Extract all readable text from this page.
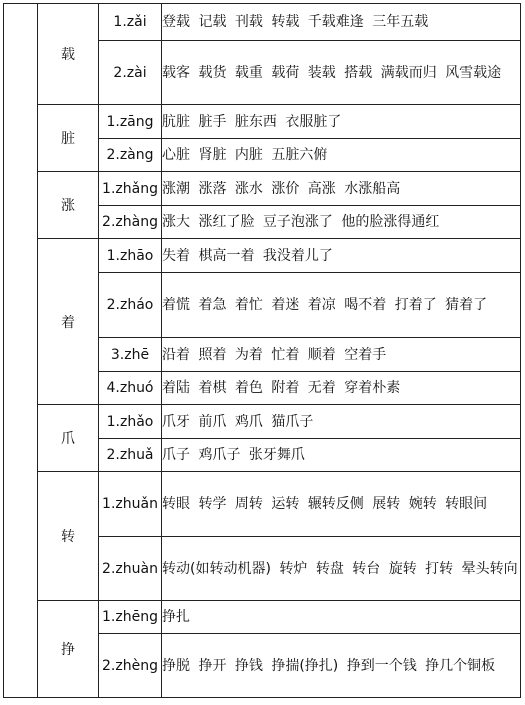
	载	1.zǎi	登载 记载 刊载 转载 千载难逢 三年五载
		2.zài	载客 载货 载重 载荷 装载 搭载 满载而归 风雪载途
	脏	1.zāng	肮脏 脏手 脏东西 衣服脏了
		2.zàng	心脏 肾脏 内脏 五脏六俯
	涨	1.zhǎng	涨潮 涨落 涨水 涨价 高涨 水涨船高
		2.zhàng	涨大 涨红了脸 豆子泡涨了 他的脸涨得通红
	着	1.zhāo	失着 棋高一着 我没着儿了
		2.zháo	着慌 着急 着忙 着迷 着凉 喝不着 打着了 猜着了
		3.zhē	沿着 照着 为着 忙着 顺着 空着手
		4.zhuó	着陆 着棋 着色 附着 无着 穿着朴素
	爪	1.zhǎo	爪牙 前爪 鸡爪 猫爪子
		2.zhuǎ	爪子 鸡爪子 张牙舞爪
	转	1.zhuǎn	转眼 转学 周转 运转 辗转反侧 展转 婉转 转眼间
		2.zhuàn	转动(如转动机器) 转炉 转盘 转台 旋转 打转 晕头转向
	挣	1.zhēng	挣扎
		2.zhèng	挣脱 挣开 挣钱 挣揣(挣扎) 挣到一个钱 挣几个铜板
